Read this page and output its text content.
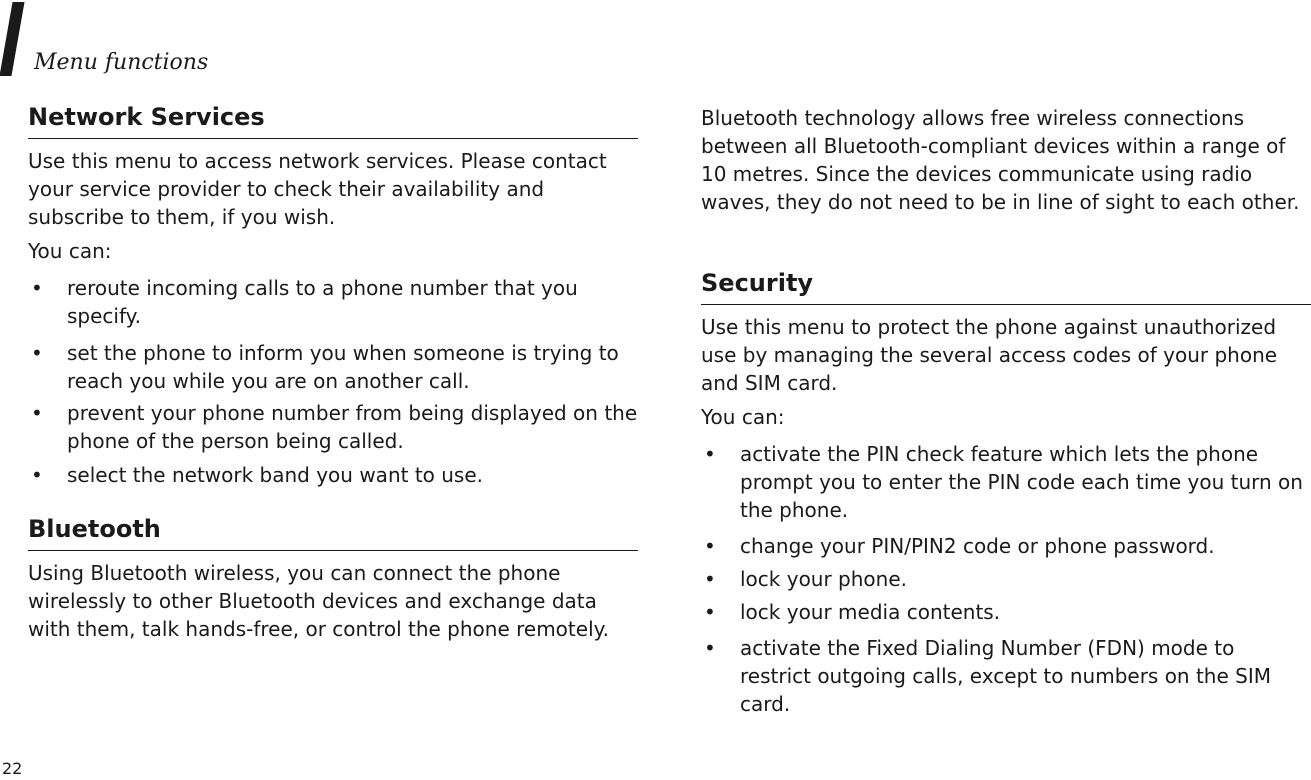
Menu functions
Network Services
Use this menu to access network services. Please contact your service provider to check their availability and subscribe to them, if you wish.
You can:
• reroute incoming calls to a phone number that you specify.
• set the phone to inform you when someone is trying to reach you while you are on another call.
• prevent your phone number from being displayed on the phone of the person being called.
• select the network band you want to use.
Bluetooth
Using Bluetooth wireless, you can connect the phone wirelessly to other Bluetooth devices and exchange data with them, talk hands-free, or control the phone remotely.
Bluetooth technology allows free wireless connections between all Bluetooth-compliant devices within a range of 10 metres. Since the devices communicate using radio waves, they do not need to be in line of sight to each other.
Security
Use this menu to protect the phone against unauthorized use by managing the several access codes of your phone and SIM card.
You can:
• activate the PIN check feature which lets the phone prompt you to enter the PIN code each time you turn on the phone.
• change your PIN/PIN2 code or phone password.
• lock your phone.
• lock your media contents.
• activate the Fixed Dialing Number (FDN) mode to restrict outgoing calls, except to numbers on the SIM card.
22
